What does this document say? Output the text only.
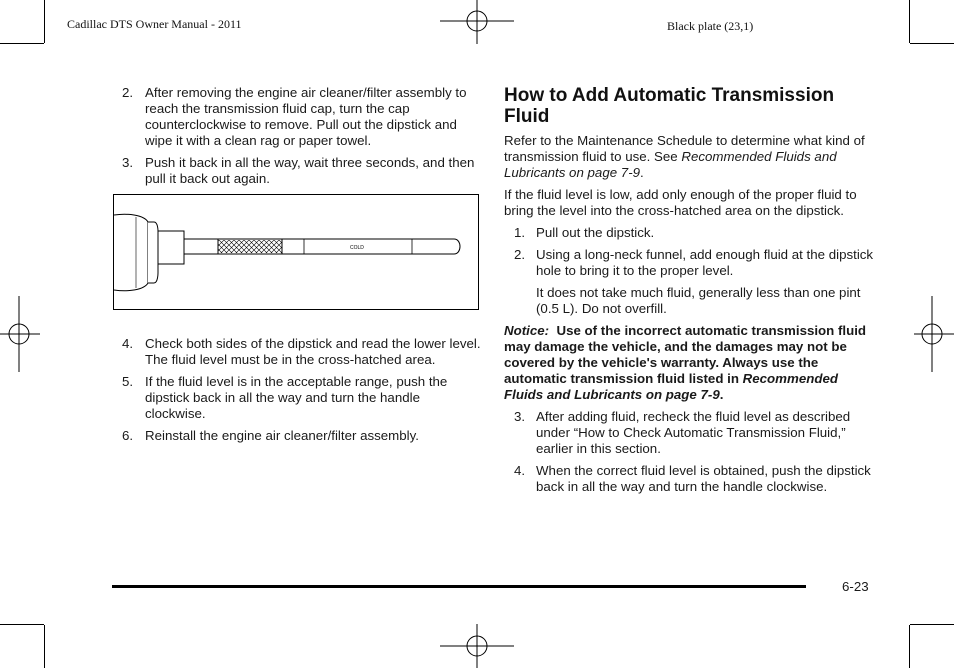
Cadillac DTS Owner Manual - 2011	Black plate (23,1)
2. After removing the engine air cleaner/filter assembly to reach the transmission fluid cap, turn the cap counterclockwise to remove. Pull out the dipstick and wipe it with a clean rag or paper towel.
3. Push it back in all the way, wait three seconds, and then pull it back out again.
COLD
4. Check both sides of the dipstick and read the lower level. The fluid level must be in the cross-hatched area.
5. If the fluid level is in the acceptable range, push the dipstick back in all the way and turn the handle clockwise.
6. Reinstall the engine air cleaner/filter assembly.
How to Add Automatic Transmission Fluid

Refer to the Maintenance Schedule to determine what kind of transmission fluid to use. See Recommended Fluids and Lubricants on page 7-9.

If the fluid level is low, add only enough of the proper fluid to bring the level into the cross-hatched area on the dipstick.

1. Pull out the dipstick.
2. Using a long-neck funnel, add enough fluid at the dipstick hole to bring it to the proper level.

It does not take much fluid, generally less than one pint (0.5 L). Do not overfill.

Notice: Use of the incorrect automatic transmission fluid may damage the vehicle, and the damages may not be covered by the vehicle's warranty. Always use the automatic transmission fluid listed in Recommended Fluids and Lubricants on page 7-9.

3. After adding fluid, recheck the fluid level as described under “How to Check Automatic Transmission Fluid,” earlier in this section.
4. When the correct fluid level is obtained, push the dipstick back in all the way and turn the handle clockwise.
6-23
